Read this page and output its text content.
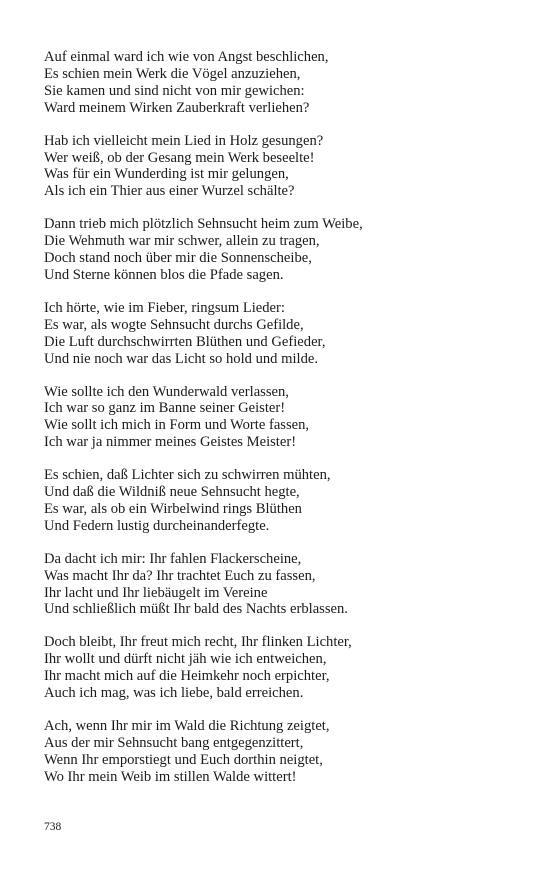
Auf einmal ward ich wie von Angst beschlichen,
Es schien mein Werk die Vögel anzuziehen,
Sie kamen und sind nicht von mir gewichen:
Ward meinem Wirken Zauberkraft verliehen?
Hab ich vielleicht mein Lied in Holz gesungen?
Wer weiß, ob der Gesang mein Werk beseelte!
Was für ein Wunderding ist mir gelungen,
Als ich ein Thier aus einer Wurzel schälte?
Dann trieb mich plötzlich Sehnsucht heim zum Weibe,
Die Wehmuth war mir schwer, allein zu tragen,
Doch stand noch über mir die Sonnenscheibe,
Und Sterne können blos die Pfade sagen.
Ich hörte, wie im Fieber, ringsum Lieder:
Es war, als wogte Sehnsucht durchs Gefilde,
Die Luft durchschwirrten Blüthen und Gefieder,
Und nie noch war das Licht so hold und milde.
Wie sollte ich den Wunderwald verlassen,
Ich war so ganz im Banne seiner Geister!
Wie sollt ich mich in Form und Worte fassen,
Ich war ja nimmer meines Geistes Meister!
Es schien, daß Lichter sich zu schwirren mühten,
Und daß die Wildniß neue Sehnsucht hegte,
Es war, als ob ein Wirbelwind rings Blüthen
Und Federn lustig durcheinanderfegte.
Da dacht ich mir: Ihr fahlen Flackerscheine,
Was macht Ihr da? Ihr trachtet Euch zu fassen,
Ihr lacht und Ihr liebäugelt im Vereine
Und schließlich müßt Ihr bald des Nachts erblassen.
Doch bleibt, Ihr freut mich recht, Ihr flinken Lichter,
Ihr wollt und dürft nicht jäh wie ich entweichen,
Ihr macht mich auf die Heimkehr noch erpichter,
Auch ich mag, was ich liebe, bald erreichen.
Ach, wenn Ihr mir im Wald die Richtung zeigtet,
Aus der mir Sehnsucht bang entgegenzittert,
Wenn Ihr emporstiegt und Euch dorthin neigtet,
Wo Ihr mein Weib im stillen Walde wittert!
738
